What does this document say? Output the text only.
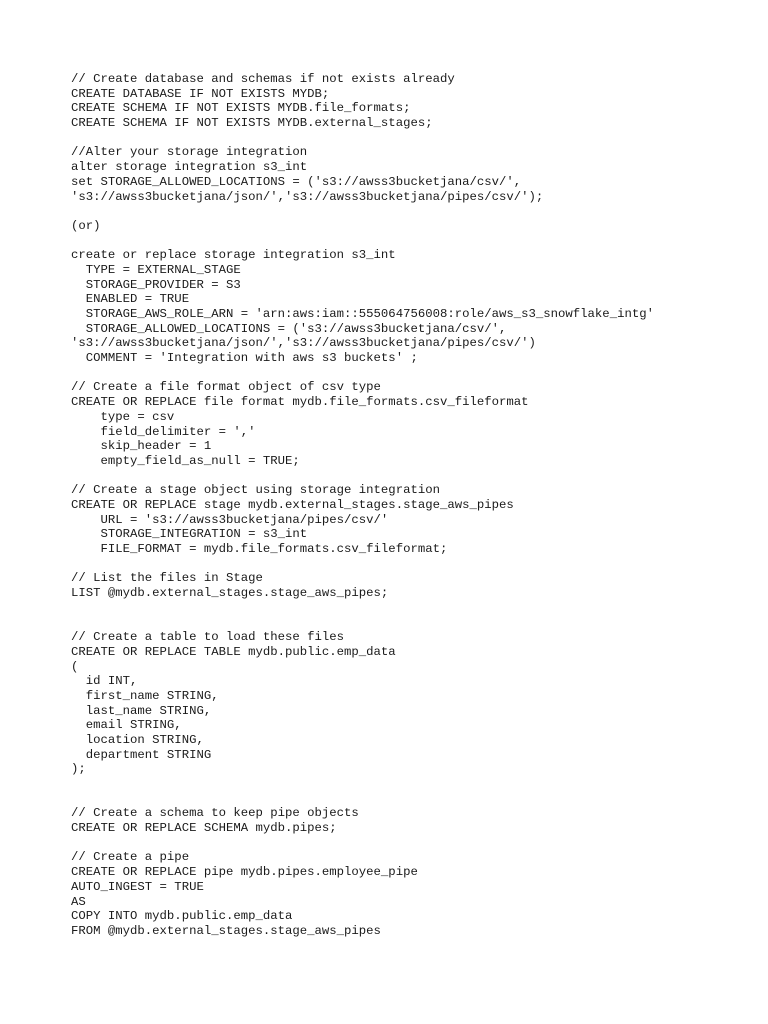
// Create database and schemas if not exists already
CREATE DATABASE IF NOT EXISTS MYDB;
CREATE SCHEMA IF NOT EXISTS MYDB.file_formats;
CREATE SCHEMA IF NOT EXISTS MYDB.external_stages;
//Alter your storage integration
alter storage integration s3_int
set STORAGE_ALLOWED_LOCATIONS = ('s3://awss3bucketjana/csv/',
's3://awss3bucketjana/json/','s3://awss3bucketjana/pipes/csv/');
(or)
create or replace storage integration s3_int
TYPE = EXTERNAL_STAGE
STORAGE_PROVIDER = S3
ENABLED = TRUE
STORAGE_AWS_ROLE_ARN = 'arn:aws:iam::555064756008:role/aws_s3_snowflake_intg'
STORAGE_ALLOWED_LOCATIONS = ('s3://awss3bucketjana/csv/',
's3://awss3bucketjana/json/','s3://awss3bucketjana/pipes/csv/')
COMMENT = 'Integration with aws s3 buckets' ;
// Create a file format object of csv type
CREATE OR REPLACE file format mydb.file_formats.csv_fileformat
type = csv
field_delimiter = ','
skip_header = 1
empty_field_as_null = TRUE;
// Create a stage object using storage integration
CREATE OR REPLACE stage mydb.external_stages.stage_aws_pipes
URL = 's3://awss3bucketjana/pipes/csv/'
STORAGE_INTEGRATION = s3_int
FILE_FORMAT = mydb.file_formats.csv_fileformat;
// List the files in Stage
LIST @mydb.external_stages.stage_aws_pipes;
// Create a table to load these files
CREATE OR REPLACE TABLE mydb.public.emp_data
(
id INT,
first_name STRING,
last_name STRING,
email STRING,
location STRING,
department STRING
);
// Create a schema to keep pipe objects
CREATE OR REPLACE SCHEMA mydb.pipes;
// Create a pipe
CREATE OR REPLACE pipe mydb.pipes.employee_pipe
AUTO_INGEST = TRUE
AS
COPY INTO mydb.public.emp_data
FROM @mydb.external_stages.stage_aws_pipes
